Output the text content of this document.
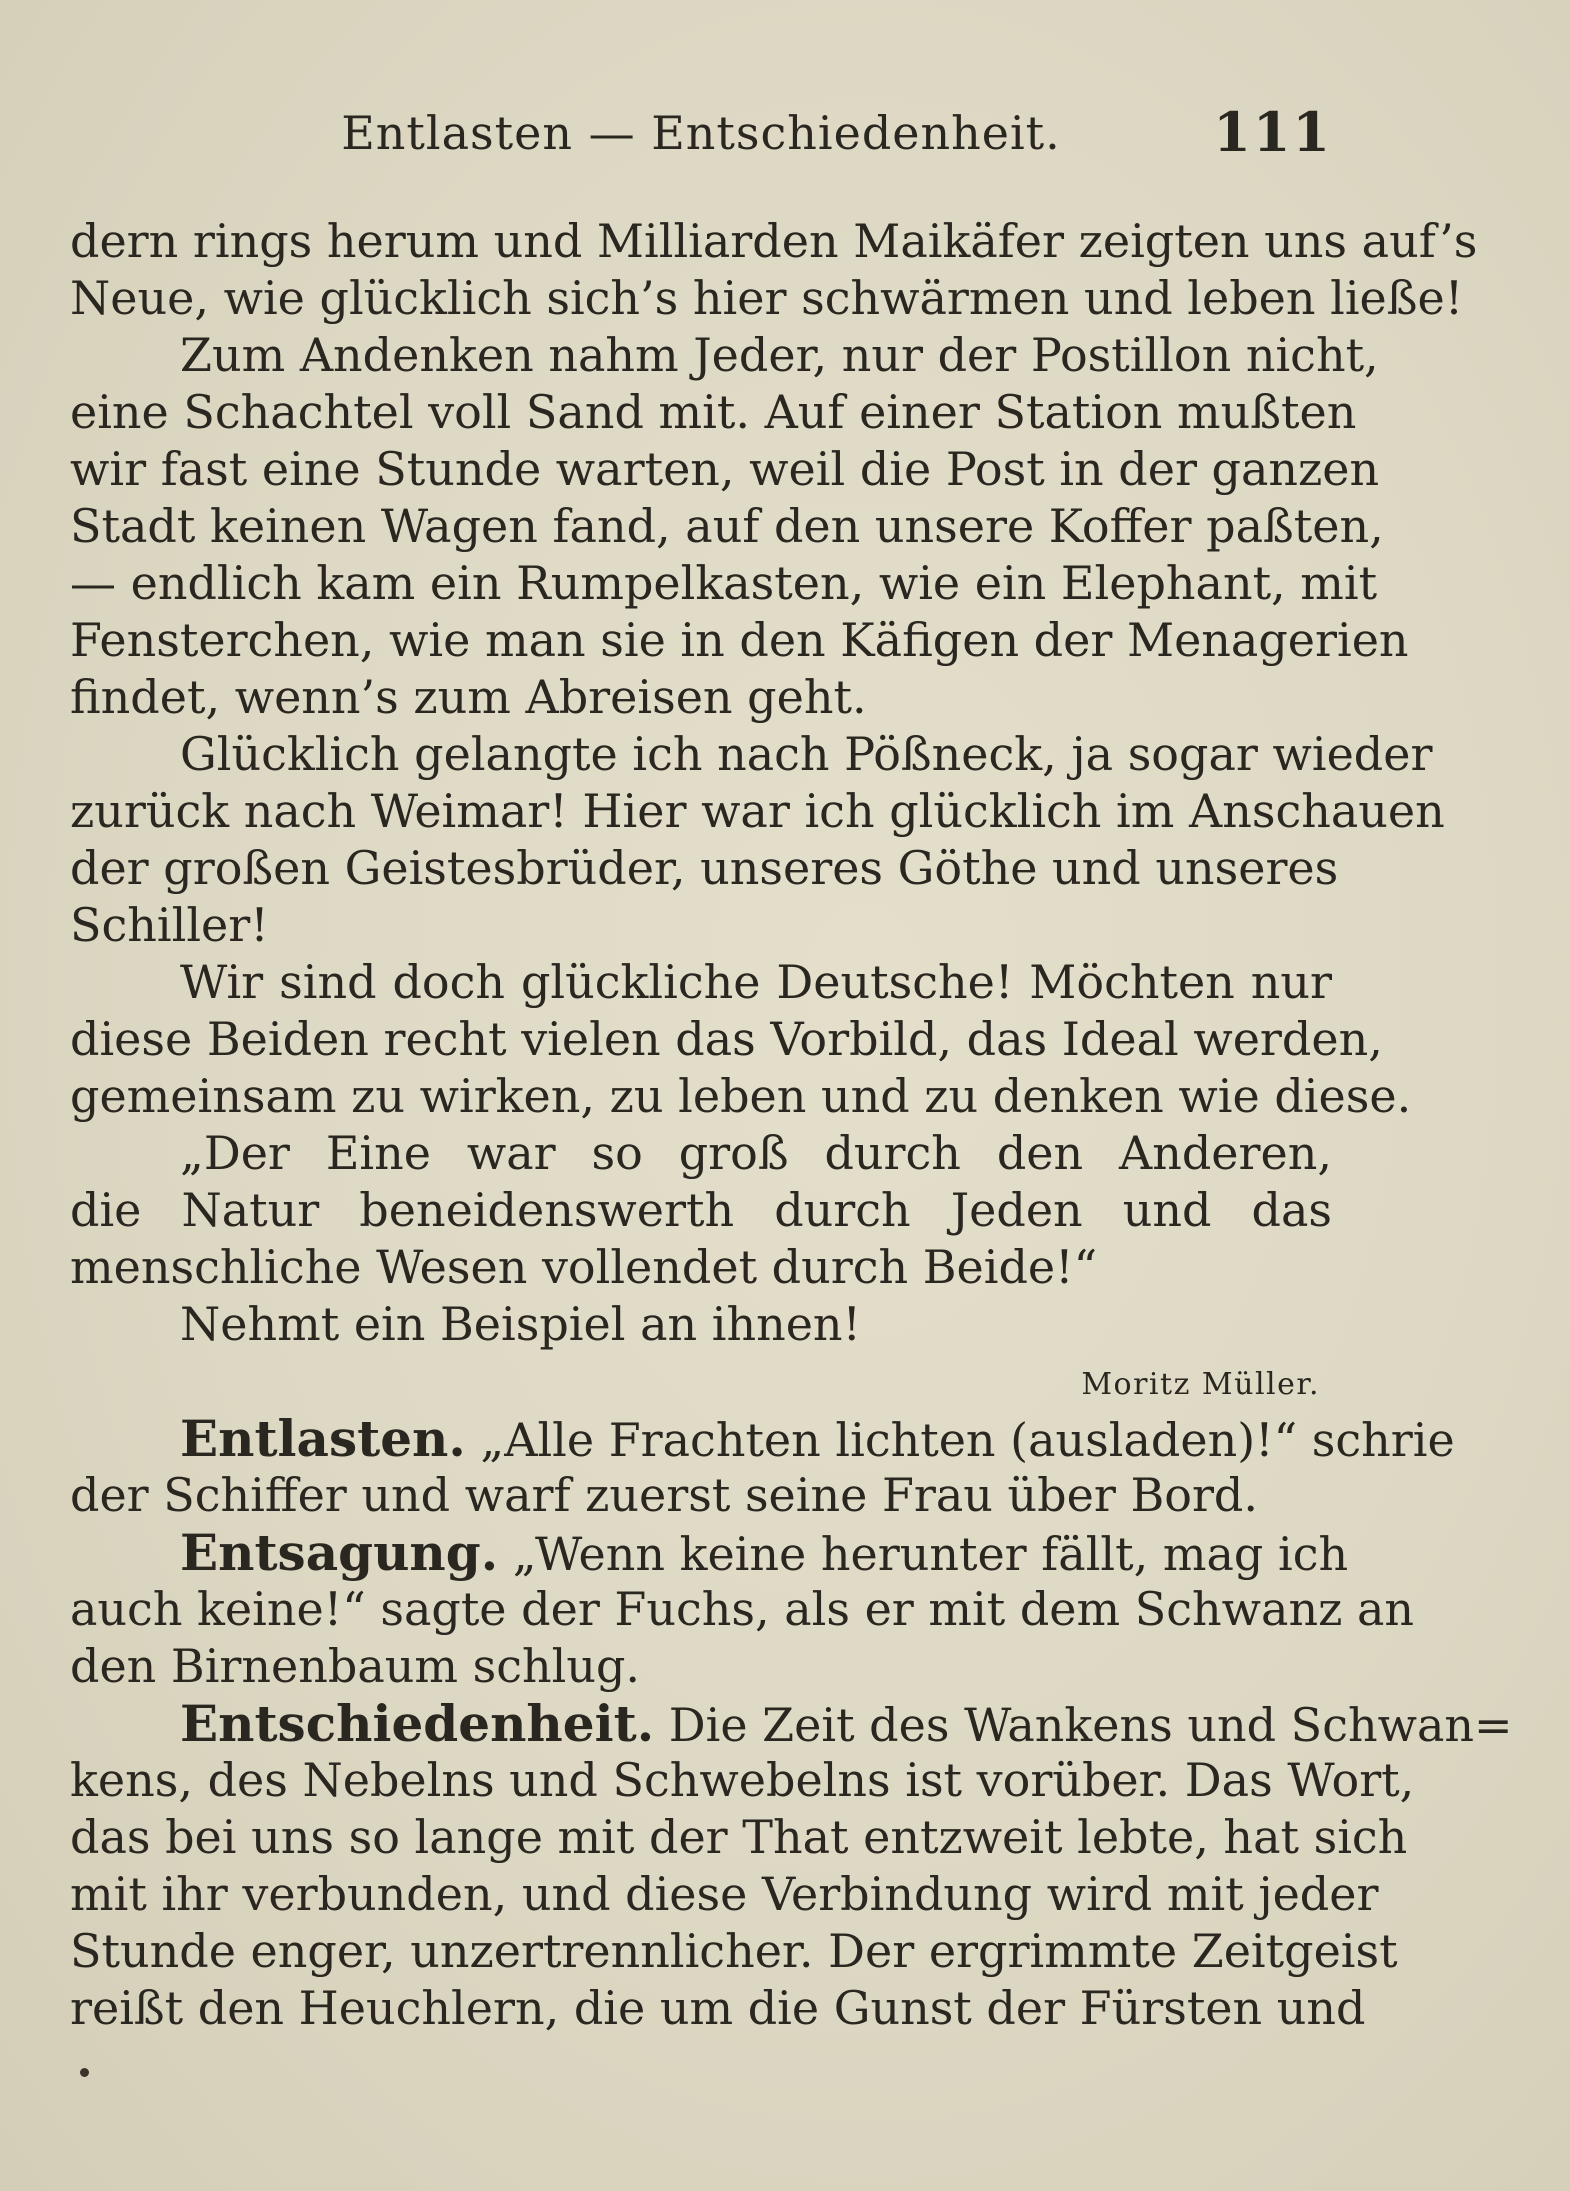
Entlasten — Entschiedenheit.	111
dern rings herum und Milliarden Maikäfer zeigten uns auf’s
Neue, wie glücklich sich’s hier schwärmen und leben ließe!
Zum Andenken nahm Jeder, nur der Postillon nicht,
eine Schachtel voll Sand mit. Auf einer Station mußten
wir fast eine Stunde warten, weil die Post in der ganzen
Stadt keinen Wagen fand, auf den unsere Koffer paßten,
— endlich kam ein Rumpelkasten, wie ein Elephant, mit
Fensterchen, wie man sie in den Käfigen der Menagerien
findet, wenn’s zum Abreisen geht.
Glücklich gelangte ich nach Pößneck, ja sogar wieder
zurück nach Weimar! Hier war ich glücklich im Anschauen
der großen Geistesbrüder, unseres Göthe und unseres
Schiller!
Wir sind doch glückliche Deutsche! Möchten nur
diese Beiden recht vielen das Vorbild, das Ideal werden,
gemeinsam zu wirken, zu leben und zu denken wie diese.
„Der Eine war so groß durch den Anderen,
die Natur beneidenswerth durch Jeden und das
menschliche Wesen vollendet durch Beide!“
Nehmt ein Beispiel an ihnen!
Moritz Müller.
Entlasten. „Alle Frachten lichten (ausladen)!“ schrie
der Schiffer und warf zuerst seine Frau über Bord.
Entsagung. „Wenn keine herunter fällt, mag ich
auch keine!“ sagte der Fuchs, als er mit dem Schwanz an
den Birnenbaum schlug.
Entschiedenheit. Die Zeit des Wankens und Schwan=
kens, des Nebelns und Schwebelns ist vorüber. Das Wort,
das bei uns so lange mit der That entzweit lebte, hat sich
mit ihr verbunden, und diese Verbindung wird mit jeder
Stunde enger, unzertrennlicher. Der ergrimmte Zeitgeist
reißt den Heuchlern, die um die Gunst der Fürsten und
